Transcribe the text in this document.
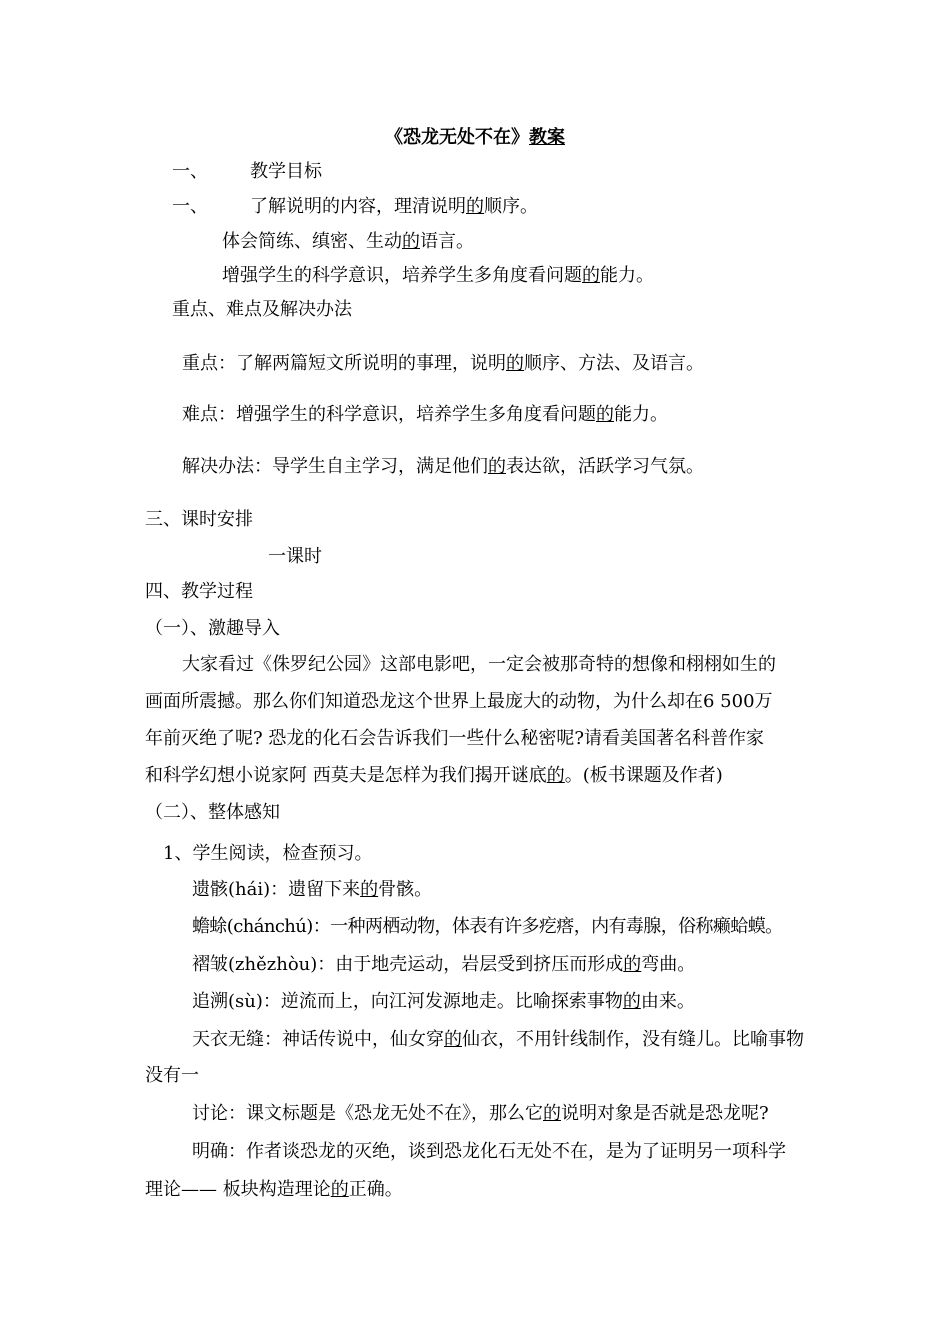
《恐龙无处不在》教案
一、 教学目标
一、 了解说明的内容，理清说明的顺序。
体会简练、缜密、生动的语言。
增强学生的科学意识，培养学生多角度看问题的能力。
重点、难点及解决办法
重点：了解两篇短文所说明的事理，说明的顺序、方法、及语言。
难点：增强学生的科学意识，培养学生多角度看问题的能力。
解决办法：导学生自主学习，满足他们的表达欲，活跃学习气氛。
三、课时安排
一课时
四、教学过程
（一）、激趣导入
大家看过《侏罗纪公园》这部电影吧，一定会被那奇特的想像和栩栩如生的
画面所震撼。那么你们知道恐龙这个世界上最庞大的动物，为什么却在6 500万
年前灭绝了呢? 恐龙的化石会告诉我们一些什么秘密呢?请看美国著名科普作家
和科学幻想小说家阿 西莫夫是怎样为我们揭开谜底的。(板书课题及作者)
（二）、整体感知
1、学生阅读，检查预习。
遗骸(hái)：遗留下来的骨骸。
蟾蜍(chánchú)：一种两栖动物，体表有许多疙瘩，内有毒腺，俗称癞蛤蟆。
褶皱(zhězhòu)：由于地壳运动，岩层受到挤压而形成的弯曲。
追溯(sù)：逆流而上，向江河发源地走。比喻探索事物的由来。
天衣无缝：神话传说中，仙女穿的仙衣，不用针线制作，没有缝儿。比喻事物
没有一
讨论：课文标题是《恐龙无处不在》，那么它的说明对象是否就是恐龙呢?
明确：作者谈恐龙的灭绝，谈到恐龙化石无处不在，是为了证明另一项科学
理论—— 板块构造理论的正确。
